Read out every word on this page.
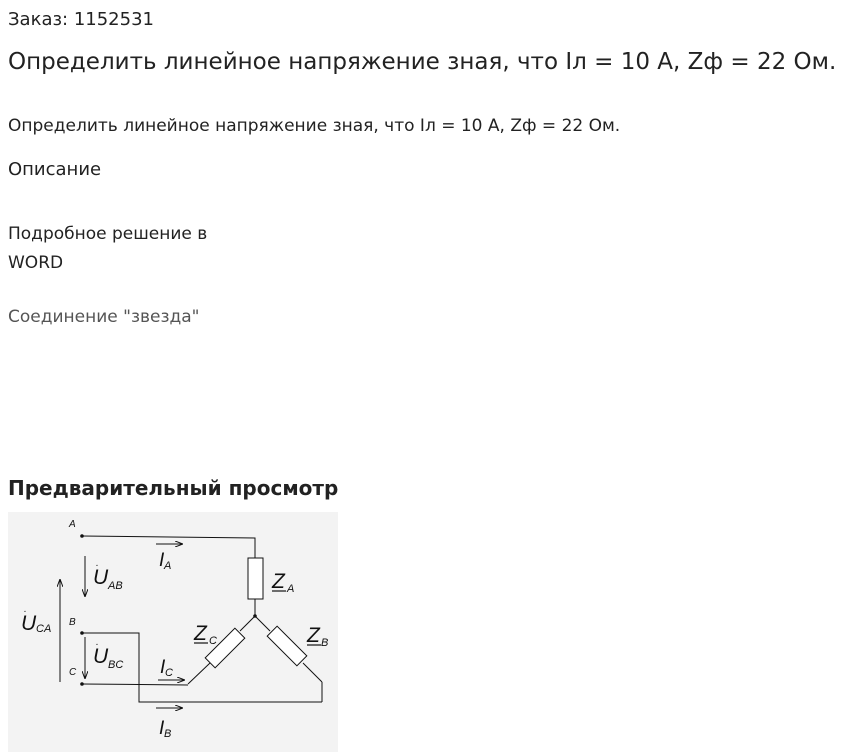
Заказ: 1152531
Определить линейное напряжение зная, что Iл = 10 А, Zф = 22 Ом.
Определить линейное напряжение зная, что Iл = 10 А, Zф = 22 Ом.
Описание
Подробное решение в
WORD
Соединение "звезда"
Предварительный просмотр
A
B
C
U AB
.
U BC
.
U CA
.
I A
I C
I B
Z A
Z B
Z C
